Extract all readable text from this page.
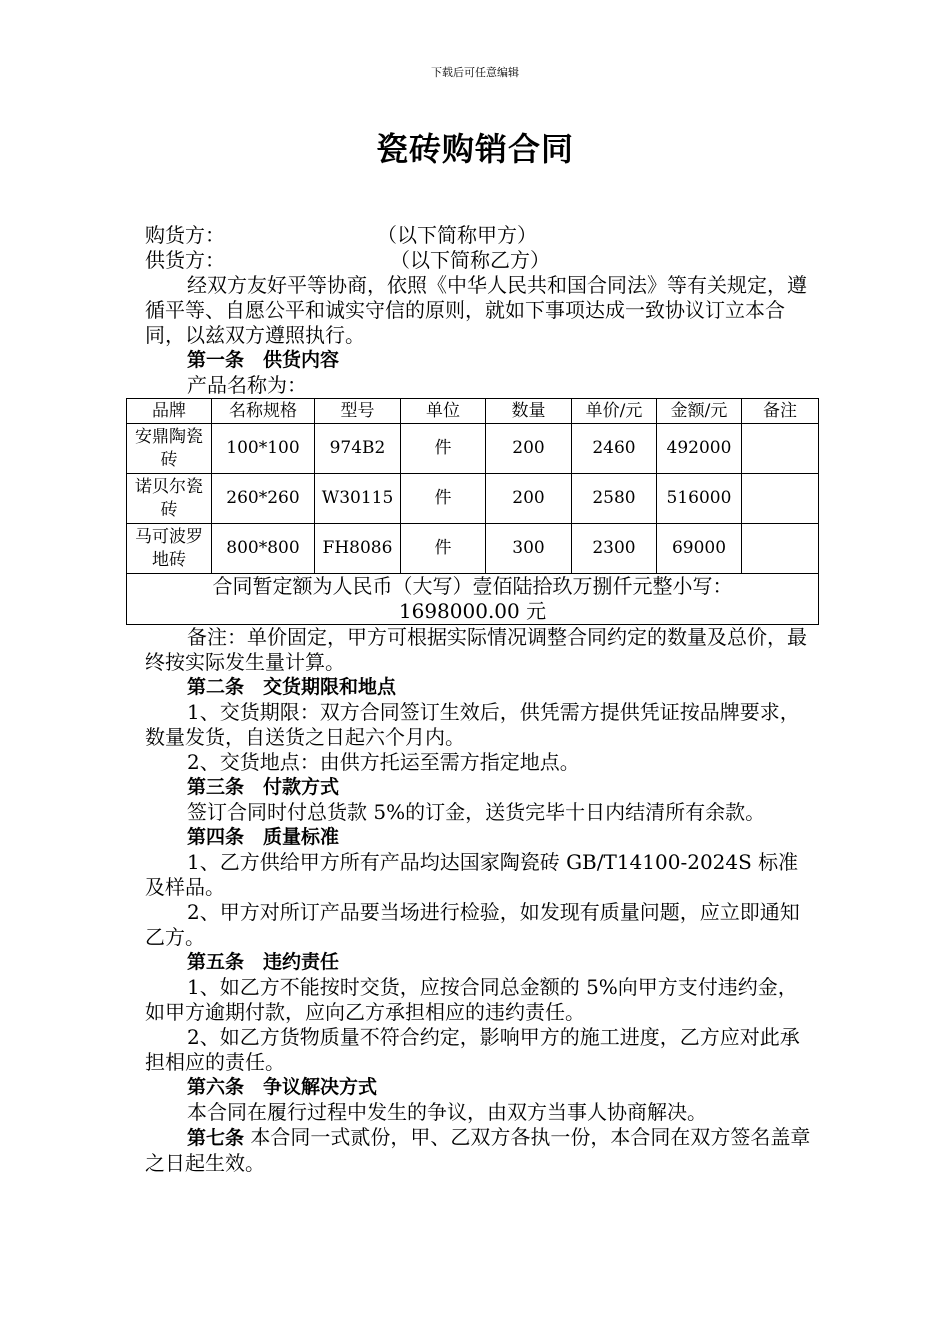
下载后可任意编辑
瓷砖购销合同
购货方：	（以下简称甲方）
供货方：	（以下简称乙方）
经双方友好平等协商，依照《中华人民共和国合同法》等有关规定，遵循平等、自愿公平和诚实守信的原则，就如下事项达成一致协议订立本合同，以兹双方遵照执行。
第一条　供货内容
产品名称为：
品牌	名称规格	型号	单位	数量	单价/元	金额/元	备注
安鼎陶瓷砖	100*100	974B2	件	200	2460	492000	
诺贝尔瓷砖	260*260	W30115	件	200	2580	516000	
马可波罗地砖	800*800	FH8086	件	300	2300	69000	

合同暂定额为人民币（大写）壹佰陆拾玖万捌仟元整小写：
1698000.00 元							
备注：单价固定，甲方可根据实际情况调整合同约定的数量及总价，最终按实际发生量计算。
第二条　交货期限和地点
1、交货期限：双方合同签订生效后，供凭需方提供凭证按品牌要求，数量发货，自送货之日起六个月内。
2、交货地点：由供方托运至需方指定地点。
第三条　付款方式
签订合同时付总货款 5%的订金，送货完毕十日内结清所有余款。
第四条　质量标准
1、乙方供给甲方所有产品均达国家陶瓷砖 GB/T14100-2024S 标准及样品。
2、甲方对所订产品要当场进行检验，如发现有质量问题，应立即通知乙方。
第五条　违约责任
1、如乙方不能按时交货，应按合同总金额的 5%向甲方支付违约金，如甲方逾期付款，应向乙方承担相应的违约责任。
2、如乙方货物质量不符合约定，影响甲方的施工进度，乙方应对此承担相应的责任。
第六条　争议解决方式
本合同在履行过程中发生的争议，由双方当事人协商解决。
第七条 本合同一式贰份，甲、乙双方各执一份，本合同在双方签名盖章之日起生效。
